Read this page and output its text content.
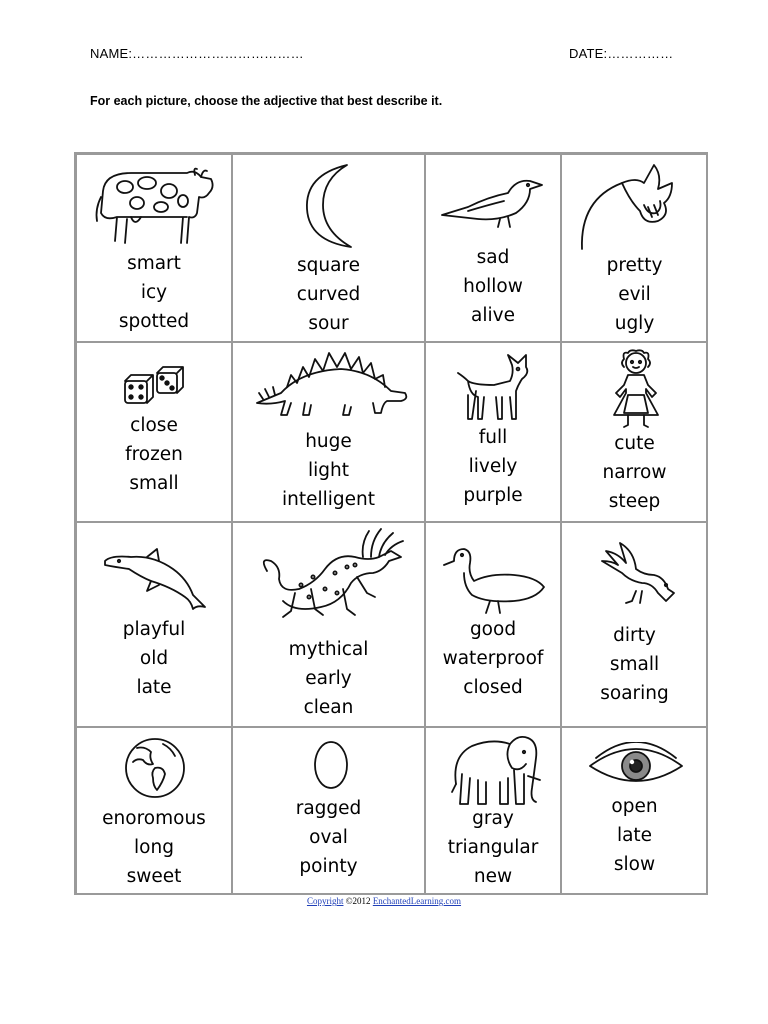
NAME:…………………………………	DATE:……………
For each picture, choose the adjective that best describe it.
smart
icy
spotted
square
curved
sour
sad
hollow
alive
pretty
evil
ugly
close
frozen
small
huge
light
intelligent
full
lively
purple
cute
narrow
steep
playful
old
late
mythical
early
clean
good
waterproof
closed
dirty
small
soaring
enoromous
long
sweet
ragged
oval
pointy
gray
triangular
new
open
late
slow
Copyright ©2012 EnchantedLearning.com
